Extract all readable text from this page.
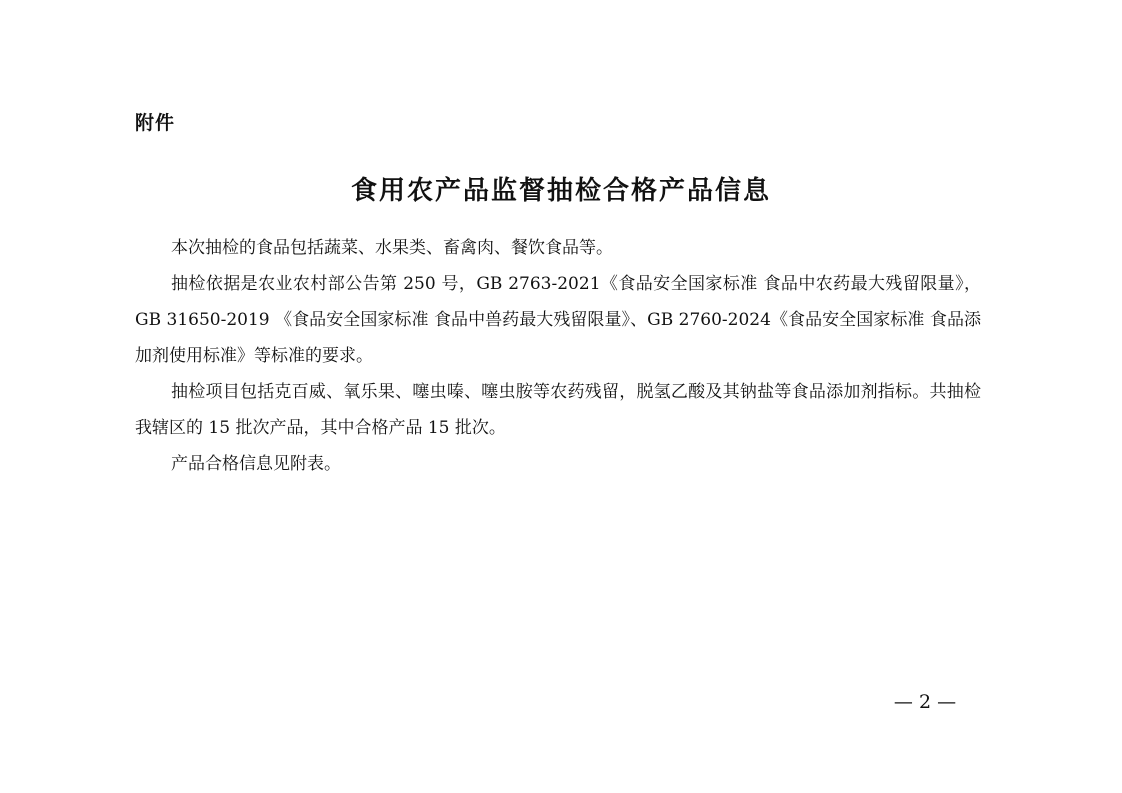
附件
食用农产品监督抽检合格产品信息

本次抽检的食品包括蔬菜、水果类、畜禽肉、餐饮食品等。

抽检依据是农业农村部公告第 250 号，GB 2763-2021《食品安全国家标准 食品中农药最大残留限量》，GB 31650-2019 《食品安全国家标准 食品中兽药最大残留限量》、GB 2760-2024《食品安全国家标准 食品添加剂使用标准》等标准的要求。

抽检项目包括克百威、氧乐果、噻虫嗪、噻虫胺等农药残留，脱氢乙酸及其钠盐等食品添加剂指标。共抽检我辖区的 15 批次产品，其中合格产品 15 批次。

产品合格信息见附表。

— 2 —
